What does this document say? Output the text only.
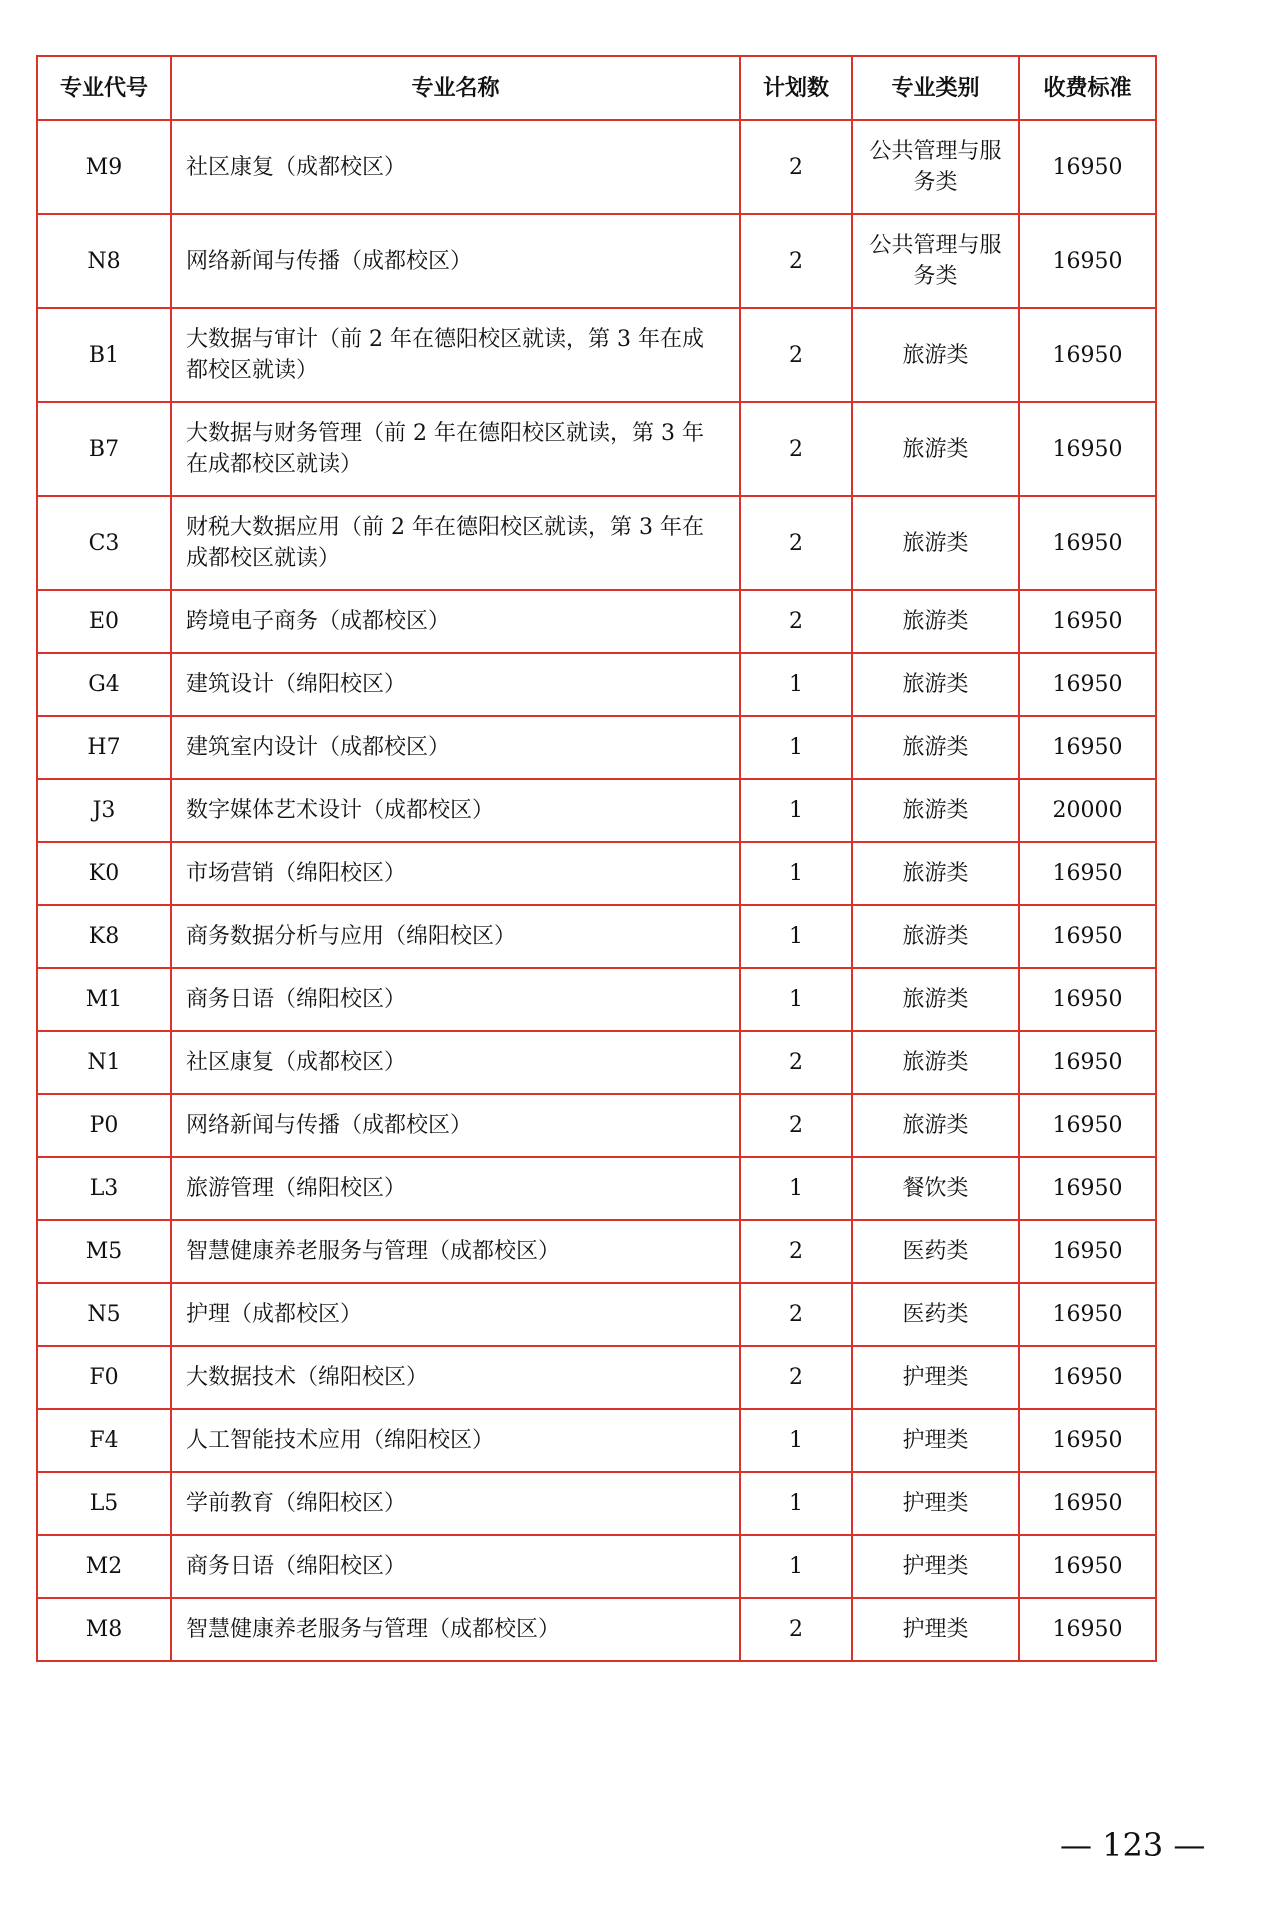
专业代号	专业名称	计划数	专业类别	收费标准
M9	社区康复（成都校区）	2	公共管理与服务类	16950
N8	网络新闻与传播（成都校区）	2	公共管理与服务类	16950
B1	大数据与审计（前 2 年在德阳校区就读，第 3 年在成都校区就读）	2	旅游类	16950
B7	大数据与财务管理（前 2 年在德阳校区就读，第 3 年在成都校区就读）	2	旅游类	16950
C3	财税大数据应用（前 2 年在德阳校区就读，第 3 年在成都校区就读）	2	旅游类	16950
E0	跨境电子商务（成都校区）	2	旅游类	16950
G4	建筑设计（绵阳校区）	1	旅游类	16950
H7	建筑室内设计（成都校区）	1	旅游类	16950
J3	数字媒体艺术设计（成都校区）	1	旅游类	20000
K0	市场营销（绵阳校区）	1	旅游类	16950
K8	商务数据分析与应用（绵阳校区）	1	旅游类	16950
M1	商务日语（绵阳校区）	1	旅游类	16950
N1	社区康复（成都校区）	2	旅游类	16950
P0	网络新闻与传播（成都校区）	2	旅游类	16950
L3	旅游管理（绵阳校区）	1	餐饮类	16950
M5	智慧健康养老服务与管理（成都校区）	2	医药类	16950
N5	护理（成都校区）	2	医药类	16950
F0	大数据技术（绵阳校区）	2	护理类	16950
F4	人工智能技术应用（绵阳校区）	1	护理类	16950
L5	学前教育（绵阳校区）	1	护理类	16950
M2	商务日语（绵阳校区）	1	护理类	16950
M8	智慧健康养老服务与管理（成都校区）	2	护理类	16950
— 123 —
